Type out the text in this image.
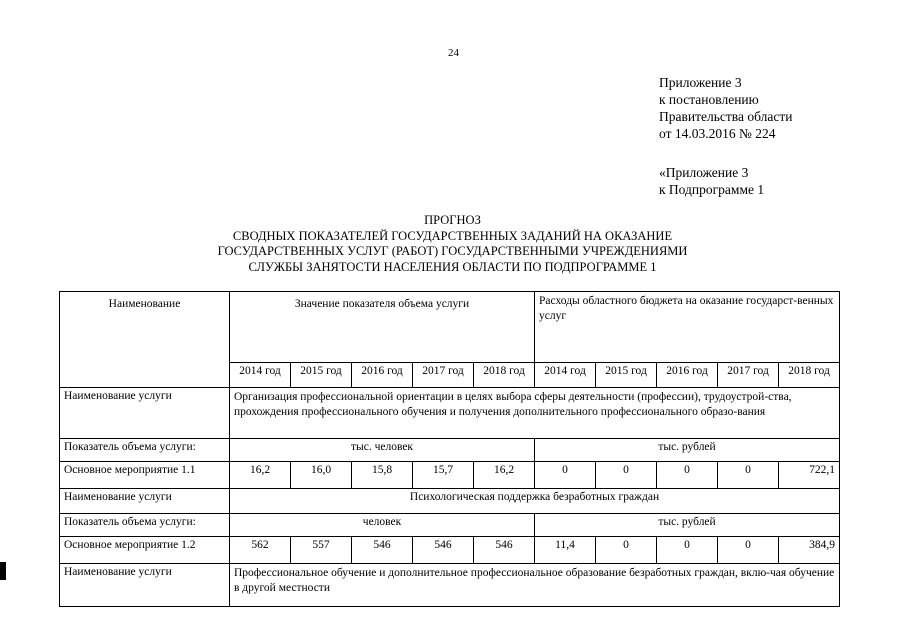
24
Приложение 3
к постановлению
Правительства области
от 14.03.2016 № 224
«Приложение 3
к Подпрограмме 1
ПРОГНОЗ
СВОДНЫХ ПОКАЗАТЕЛЕЙ ГОСУДАРСТВЕННЫХ ЗАДАНИЙ НА ОКАЗАНИЕ
ГОСУДАРСТВЕННЫХ УСЛУГ (РАБОТ) ГОСУДАРСТВЕННЫМИ УЧРЕЖДЕНИЯМИ
СЛУЖБЫ ЗАНЯТОСТИ НАСЕЛЕНИЯ ОБЛАСТИ ПО ПОДПРОГРАММЕ 1
Наименование	Значение показателя объема услуги					Расходы областного бюджета на оказание государст-венных услуг				
	2014 год	2015 год	2016 год	2017 год	2018 год	2014 год	2015 год	2016 год	2017 год	2018 год
Наименование услуги	Организация профессиональной ориентации в целях выбора сферы деятельности (профессии), трудоустрой-ства, прохождения профессионального обучения и получения дополнительного профессионального образо-вания									
Показатель объема услуги:	тыс. человек					тыс. рублей				
Основное мероприятие 1.1	16,2	16,0	15,8	15,7	16,2	0	0	0	0	722,1
Наименование услуги	Психологическая поддержка безработных граждан									
Показатель объема услуги:	человек					тыс. рублей				
Основное мероприятие 1.2	562	557	546	546	546	11,4	0	0	0	384,9
Наименование услуги	Профессиональное обучение и дополнительное профессиональное образование безработных граждан, вклю-чая обучение в другой местности									
